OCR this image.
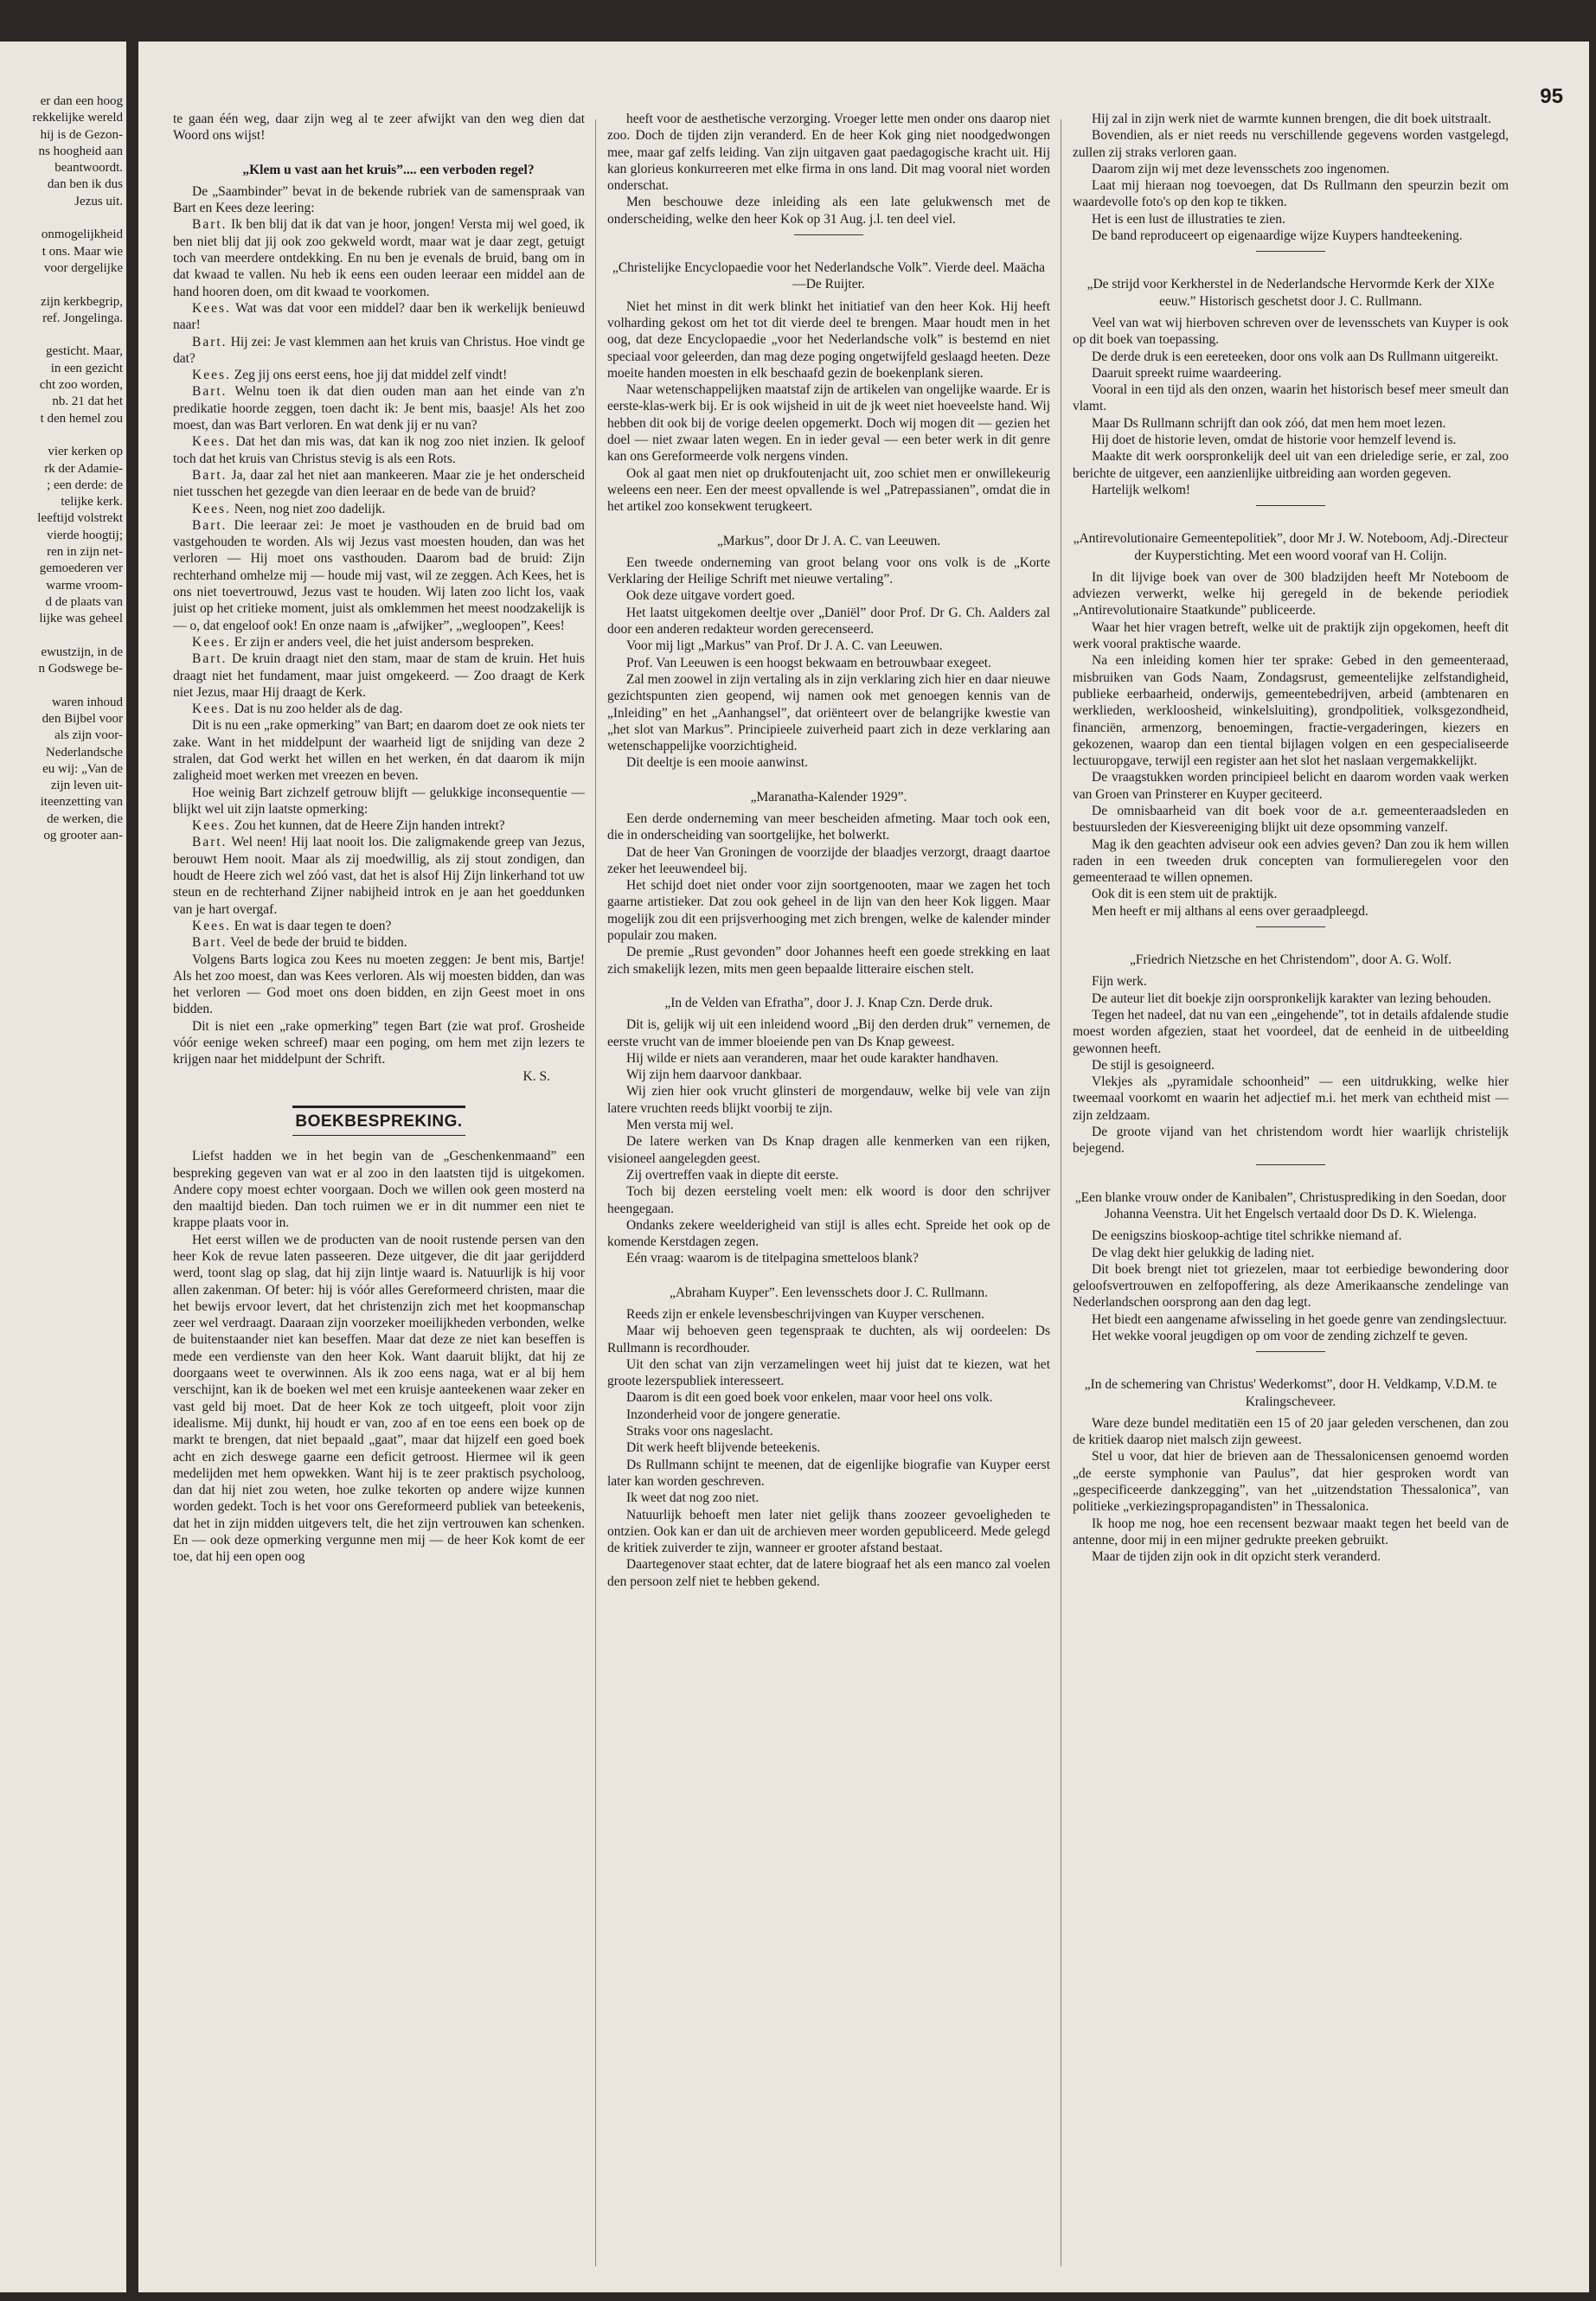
er dan een hoog

rekkelijke wereld

hij is de Gezon-

ns hoogheid aan

beantwoordt.

dan ben ik dus

Jezus uit.

onmogelijkheid

t ons. Maar wie

voor dergelijke

zijn kerkbegrip,

ref. Jongelinga.

gesticht. Maar,

in een gezicht

cht zoo worden,

nb. 21 dat het

t den hemel zou

vier kerken op

rk der Adamie-

; een derde: de

telijke kerk.

leeftijd volstrekt

vierde hoogtij;

ren in zijn net-

gemoederen ver

warme vroom-

d de plaats van

lijke was geheel

ewustzijn, in de

n Godswege be-

waren inhoud

den Bijbel voor

als zijn voor-

Nederlandsche

eu wij: „Van de

zijn leven uit-

iteenzetting van

de werken, die

og grooter aan-

95

te gaan één weg, daar zijn weg al te zeer afwijkt van den weg dien dat Woord ons wijst!

„Klem u vast aan het kruis”.... een verboden regel?

De „Saambinder” bevat in de bekende rubriek van de samenspraak van Bart en Kees deze leering:

Bart. Ik ben blij dat ik dat van je hoor, jongen! Versta mij wel goed, ik ben niet blij dat jij ook zoo gekweld wordt, maar wat je daar zegt, getuigt toch van meerdere ontdekking. En nu ben je evenals de bruid, bang om in dat kwaad te vallen. Nu heb ik eens een ouden leeraar een middel aan de hand hooren doen, om dit kwaad te voorkomen.

Kees. Wat was dat voor een middel? daar ben ik werkelijk benieuwd naar!

Bart. Hij zei: Je vast klemmen aan het kruis van Christus. Hoe vindt ge dat?

Kees. Zeg jij ons eerst eens, hoe jij dat middel zelf vindt!

Bart. Welnu toen ik dat dien ouden man aan het einde van z'n predikatie hoorde zeggen, toen dacht ik: Je bent mis, baasje! Als het zoo moest, dan was Bart verloren. En wat denk jij er nu van?

Kees. Dat het dan mis was, dat kan ik nog zoo niet inzien. Ik geloof toch dat het kruis van Christus stevig is als een Rots.

Bart. Ja, daar zal het niet aan mankeeren. Maar zie je het onderscheid niet tusschen het gezegde van dien leeraar en de bede van de bruid?

Kees. Neen, nog niet zoo dadelijk.

Bart. Die leeraar zei: Je moet je vasthouden en de bruid bad om vastgehouden te worden. Als wij Jezus vast moesten houden, dan was het verloren — Hij moet ons vasthouden. Daarom bad de bruid: Zijn rechterhand omhelze mij — houde mij vast, wil ze zeggen. Ach Kees, het is ons niet toevertrouwd, Jezus vast te houden. Wij laten zoo licht los, vaak juist op het critieke moment, juist als omklemmen het meest noodzakelijk is — o, dat engeloof ook! En onze naam is „afwijker”, „wegloopen”, Kees!

Kees. Er zijn er anders veel, die het juist andersom bespreken.

Bart. De kruin draagt niet den stam, maar de stam de kruin. Het huis draagt niet het fundament, maar juist omgekeerd. — Zoo draagt de Kerk niet Jezus, maar Hij draagt de Kerk.

Kees. Dat is nu zoo helder als de dag.

Dit is nu een „rake opmerking” van Bart; en daarom doet ze ook niets ter zake. Want in het middelpunt der waarheid ligt de snijding van deze 2 stralen, dat God werkt het willen en het werken, én dat daarom ik mijn zaligheid moet werken met vreezen en beven.

Hoe weinig Bart zichzelf getrouw blijft — gelukkige inconsequentie — blijkt wel uit zijn laatste opmerking:

Kees. Zou het kunnen, dat de Heere Zijn handen intrekt?

Bart. Wel neen! Hij laat nooit los. Die zaligmakende greep van Jezus, berouwt Hem nooit. Maar als zij moedwillig, als zij stout zondigen, dan houdt de Heere zich wel zóó vast, dat het is alsof Hij Zijn linkerhand tot uw steun en de rechterhand Zijner nabijheid introk en je aan het goeddunken van je hart overgaf.

Kees. En wat is daar tegen te doen?

Bart. Veel de bede der bruid te bidden.

Volgens Barts logica zou Kees nu moeten zeggen: Je bent mis, Bartje! Als het zoo moest, dan was Kees verloren. Als wij moesten bidden, dan was het verloren — God moet ons doen bidden, en zijn Geest moet in ons bidden.

Dit is niet een „rake opmerking” tegen Bart (zie wat prof. Grosheide vóór eenige weken schreef) maar een poging, om hem met zijn lezers te krijgen naar het middelpunt der Schrift.

K. S.

BOEKBESPREKING.

Liefst hadden we in het begin van de „Geschenkenmaand” een bespreking gegeven van wat er al zoo in den laatsten tijd is uitgekomen. Andere copy moest echter voorgaan. Doch we willen ook geen mosterd na den maaltijd bieden. Dan toch ruimen we er in dit nummer een niet te krappe plaats voor in.

Het eerst willen we de producten van de nooit rustende persen van den heer Kok de revue laten passeeren. Deze uitgever, die dit jaar gerijdderd werd, toont slag op slag, dat hij zijn lintje waard is. Natuurlijk is hij voor allen zakenman. Of beter: hij is vóór alles Gereformeerd christen, maar die het bewijs ervoor levert, dat het christenzijn zich met het koopmanschap zeer wel verdraagt. Daaraan zijn voorzeker moeilijkheden verbonden, welke de buitenstaander niet kan beseffen. Maar dat deze ze niet kan beseffen is mede een verdienste van den heer Kok. Want daaruit blijkt, dat hij ze doorgaans weet te overwinnen. Als ik zoo eens naga, wat er al bij hem verschijnt, kan ik de boeken wel met een kruisje aanteekenen waar zeker en vast geld bij moet. Dat de heer Kok ze toch uitgeeft, ploit voor zijn idealisme. Mij dunkt, hij houdt er van, zoo af en toe eens een boek op de markt te brengen, dat niet bepaald „gaat”, maar dat hijzelf een goed boek acht en zich deswege gaarne een deficit getroost. Hiermee wil ik geen medelijden met hem opwekken. Want hij is te zeer praktisch psycholoog, dan dat hij niet zou weten, hoe zulke tekorten op andere wijze kunnen worden gedekt. Toch is het voor ons Gereformeerd publiek van beteekenis, dat het in zijn midden uitgevers telt, die het zijn vertrouwen kan schenken. En — ook deze opmerking vergunne men mij — de heer Kok komt de eer toe, dat hij een open oog

heeft voor de aesthetische verzorging. Vroeger lette men onder ons daarop niet zoo. Doch de tijden zijn veranderd. En de heer Kok ging niet noodgedwongen mee, maar gaf zelfs leiding. Van zijn uitgaven gaat paedagogische kracht uit. Hij kan glorieus konkurreeren met elke firma in ons land. Dit mag vooral niet worden onderschat.

Men beschouwe deze inleiding als een late gelukwensch met de onderscheiding, welke den heer Kok op 31 Aug. j.l. ten deel viel.

„Christelijke Encyclopaedie voor het Nederlandsche Volk”. Vierde deel. Maächa—De Ruijter.

Niet het minst in dit werk blinkt het initiatief van den heer Kok. Hij heeft volharding gekost om het tot dit vierde deel te brengen. Maar houdt men in het oog, dat deze Encyclopaedie „voor het Nederlandsche volk” is bestemd en niet speciaal voor geleerden, dan mag deze poging ongetwijfeld geslaagd heeten. Deze moeite handen moesten in elk beschaafd gezin de boekenplank sieren.

Naar wetenschappelijken maatstaf zijn de artikelen van ongelijke waarde. Er is eerste-klas-werk bij. Er is ook wijsheid in uit de jk weet niet hoeveelste hand. Wij hebben dit ook bij de vorige deelen opgemerkt. Doch wij mogen dit — gezien het doel — niet zwaar laten wegen. En in ieder geval — een beter werk in dit genre kan ons Gereformeerde volk nergens vinden.

Ook al gaat men niet op drukfoutenjacht uit, zoo schiet men er onwillekeurig weleens een neer. Een der meest opvallende is wel „Patrepassianen”, omdat die in het artikel zoo konsekwent terugkeert.

„Markus”, door Dr J. A. C. van Leeuwen.

Een tweede onderneming van groot belang voor ons volk is de „Korte Verklaring der Heilige Schrift met nieuwe vertaling”.

Ook deze uitgave vordert goed.

Het laatst uitgekomen deeltje over „Daniël” door Prof. Dr G. Ch. Aalders zal door een anderen redakteur worden gerecenseerd.

Voor mij ligt „Markus” van Prof. Dr J. A. C. van Leeuwen.

Prof. Van Leeuwen is een hoogst bekwaam en betrouwbaar exegeet.

Zal men zoowel in zijn vertaling als in zijn verklaring zich hier en daar nieuwe gezichtspunten zien geopend, wij namen ook met genoegen kennis van de „Inleiding” en het „Aanhangsel”, dat oriënteert over de belangrijke kwestie van „het slot van Markus”. Principieele zuiverheid paart zich in deze verklaring aan wetenschappelijke voorzichtigheid.

Dit deeltje is een mooie aanwinst.

„Maranatha-Kalender 1929”.

Een derde onderneming van meer bescheiden afmeting. Maar toch ook een, die in onderscheiding van soortgelijke, het bolwerkt.

Dat de heer Van Groningen de voorzijde der blaadjes verzorgt, draagt daartoe zeker het leeuwendeel bij.

Het schijd doet niet onder voor zijn soortgenooten, maar we zagen het toch gaarne artistieker. Dat zou ook geheel in de lijn van den heer Kok liggen. Maar mogelijk zou dit een prijsverhooging met zich brengen, welke de kalender minder populair zou maken.

De premie „Rust gevonden” door Johannes heeft een goede strekking en laat zich smakelijk lezen, mits men geen bepaalde litteraire eischen stelt.

„In de Velden van Efratha”, door J. J. Knap Czn. Derde druk.

Dit is, gelijk wij uit een inleidend woord „Bij den derden druk” vernemen, de eerste vrucht van de immer bloeiende pen van Ds Knap geweest.

Hij wilde er niets aan veranderen, maar het oude karakter handhaven.

Wij zijn hem daarvoor dankbaar.

Wij zien hier ook vrucht glinsteri de morgendauw, welke bij vele van zijn latere vruchten reeds blijkt voorbij te zijn.

Men versta mij wel.

De latere werken van Ds Knap dragen alle kenmerken van een rijken, visioneel aangelegden geest.

Zij overtreffen vaak in diepte dit eerste.

Toch bij dezen eersteling voelt men: elk woord is door den schrijver heengegaan.

Ondanks zekere weelderigheid van stijl is alles echt. Spreide het ook op de komende Kerstdagen zegen.

Eén vraag: waarom is de titelpagina smetteloos blank?

„Abraham Kuyper”. Een levensschets door J. C. Rullmann.

Reeds zijn er enkele levensbeschrijvingen van Kuyper verschenen.

Maar wij behoeven geen tegenspraak te duchten, als wij oordeelen: Ds Rullmann is recordhouder.

Uit den schat van zijn verzamelingen weet hij juist dat te kiezen, wat het groote lezerspubliek interesseert.

Daarom is dit een goed boek voor enkelen, maar voor heel ons volk.

Inzonderheid voor de jongere generatie.

Straks voor ons nageslacht.

Dit werk heeft blijvende beteekenis.

Ds Rullmann schijnt te meenen, dat de eigenlijke biografie van Kuyper eerst later kan worden geschreven.

Ik weet dat nog zoo niet.

Natuurlijk behoeft men later niet gelijk thans zoozeer gevoeligheden te ontzien. Ook kan er dan uit de archieven meer worden gepubliceerd. Mede gelegd de kritiek zuiverder te zijn, wanneer er grooter afstand bestaat.

Daartegenover staat echter, dat de latere biograaf het als een manco zal voelen den persoon zelf niet te hebben gekend.

Hij zal in zijn werk niet de warmte kunnen brengen, die dit boek uitstraalt.

Bovendien, als er niet reeds nu verschillende gegevens worden vastgelegd, zullen zij straks verloren gaan.

Daarom zijn wij met deze levensschets zoo ingenomen.

Laat mij hieraan nog toevoegen, dat Ds Rullmann den speurzin bezit om waardevolle foto's op den kop te tikken.

Het is een lust de illustraties te zien.

De band reproduceert op eigenaardige wijze Kuypers handteekening.

„De strijd voor Kerkherstel in de Nederlandsche Hervormde Kerk der XIXe eeuw.” Historisch geschetst door J. C. Rullmann.

Veel van wat wij hierboven schreven over de levensschets van Kuyper is ook op dit boek van toepassing.

De derde druk is een eereteeken, door ons volk aan Ds Rullmann uitgereikt.

Daaruit spreekt ruime waardeering.

Vooral in een tijd als den onzen, waarin het historisch besef meer smeult dan vlamt.

Maar Ds Rullmann schrijft dan ook zóó, dat men hem moet lezen.

Hij doet de historie leven, omdat de historie voor hemzelf levend is.

Maakte dit werk oorspronkelijk deel uit van een drieledige serie, er zal, zoo berichte de uitgever, een aanzienlijke uitbreiding aan worden gegeven.

Hartelijk welkom!

„Antirevolutionaire Gemeentepolitiek”, door Mr J. W. Noteboom, Adj.-Directeur der Kuyperstichting. Met een woord vooraf van H. Colijn.

In dit lijvige boek van over de 300 bladzijden heeft Mr Noteboom de adviezen verwerkt, welke hij geregeld in de bekende periodiek „Antirevolutionaire Staatkunde” publiceerde.

Waar het hier vragen betreft, welke uit de praktijk zijn opgekomen, heeft dit werk vooral praktische waarde.

Na een inleiding komen hier ter sprake: Gebed in den gemeenteraad, misbruiken van Gods Naam, Zondagsrust, gemeentelijke zelfstandigheid, publieke eerbaarheid, onderwijs, gemeentebedrijven, arbeid (ambtenaren en werklieden, werkloosheid, winkelsluiting), grondpolitiek, volksgezondheid, financiën, armenzorg, benoemingen, fractie-vergaderingen, kiezers en gekozenen, waarop dan een tiental bijlagen volgen en een gespecialiseerde lectuuropgave, terwijl een register aan het slot het naslaan vergemakkelijkt.

De vraagstukken worden principieel belicht en daarom worden vaak werken van Groen van Prinsterer en Kuyper geciteerd.

De omnisbaarheid van dit boek voor de a.r. gemeenteraadsleden en bestuursleden der Kiesvereeniging blijkt uit deze opsomming vanzelf.

Mag ik den geachten adviseur ook een advies geven? Dan zou ik hem willen raden in een tweeden druk concepten van formulieregelen voor den gemeenteraad te willen opnemen.

Ook dit is een stem uit de praktijk.

Men heeft er mij althans al eens over geraadpleegd.

„Friedrich Nietzsche en het Christendom”, door A. G. Wolf.

Fijn werk.

De auteur liet dit boekje zijn oorspronkelijk karakter van lezing behouden.

Tegen het nadeel, dat nu van een „eingehende”, tot in details afdalende studie moest worden afgezien, staat het voordeel, dat de eenheid in de uitbeelding gewonnen heeft.

De stijl is gesoigneerd.

Vlekjes als „pyramidale schoonheid” — een uitdrukking, welke hier tweemaal voorkomt en waarin het adjectief m.i. het merk van echtheid mist — zijn zeldzaam.

De groote vijand van het christendom wordt hier waarlijk christelijk bejegend.

„Een blanke vrouw onder de Kanibalen”, Christusprediking in den Soedan, door Johanna Veenstra. Uit het Engelsch vertaald door Ds D. K. Wielenga.

De eenigszins bioskoop-achtige titel schrikke niemand af.

De vlag dekt hier gelukkig de lading niet.

Dit boek brengt niet tot griezelen, maar tot eerbiedige bewondering door geloofsvertrouwen en zelfopoffering, als deze Amerikaansche zendelinge van Nederlandschen oorsprong aan den dag legt.

Het biedt een aangename afwisseling in het goede genre van zendingslectuur.

Het wekke vooral jeugdigen op om voor de zending zichzelf te geven.

„In de schemering van Christus' Wederkomst”, door H. Veldkamp, V.D.M. te Kralingscheveer.

Ware deze bundel meditatiën een 15 of 20 jaar geleden verschenen, dan zou de kritiek daarop niet malsch zijn geweest.

Stel u voor, dat hier de brieven aan de Thessalonicensen genoemd worden „de eerste symphonie van Paulus”, dat hier gesproken wordt van „gespecificeerde dankzegging”, van het „uitzendstation Thessalonica”, van politieke „verkiezingspropagandisten” in Thessalonica.

Ik hoop me nog, hoe een recensent bezwaar maakt tegen het beeld van de antenne, door mij in een mijner gedrukte preeken gebruikt.

Maar de tijden zijn ook in dit opzicht sterk veranderd.
